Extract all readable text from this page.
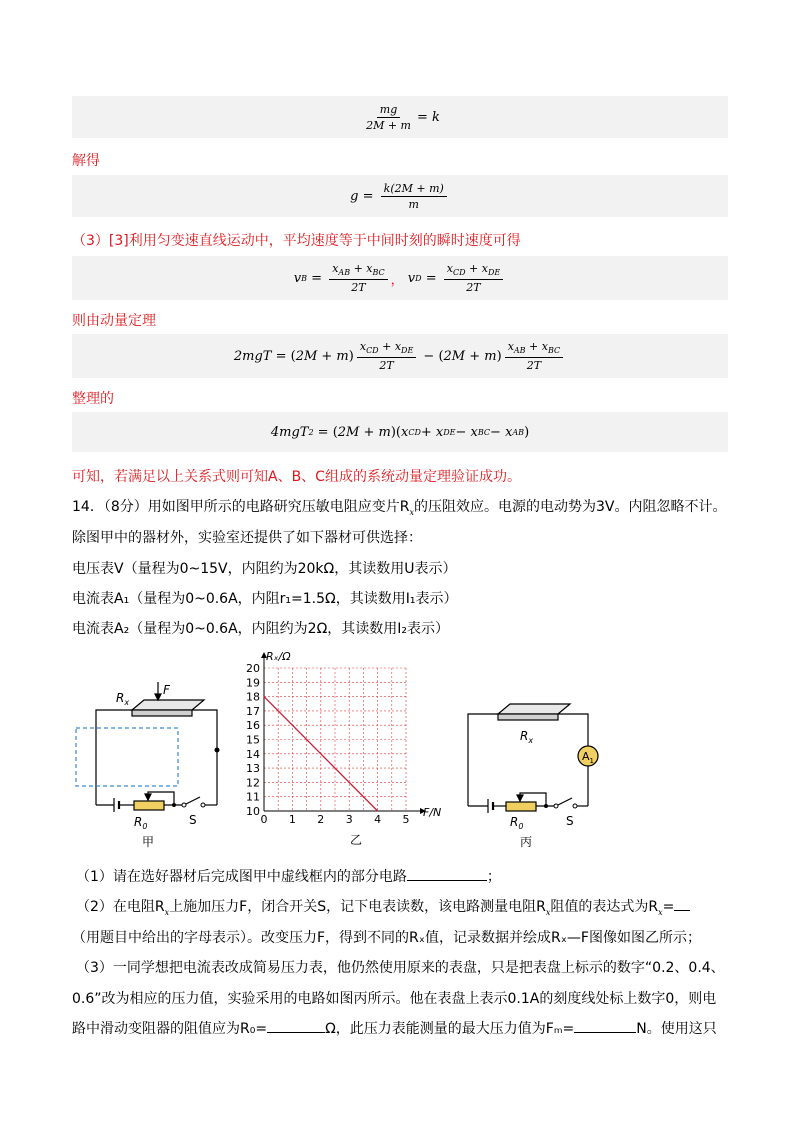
$\frac{mg}{2M + m} = k$
解得
$g = \frac{k(2M + m)}{m}$
（3）[3]利用匀变速直线运动中，平均速度等于中间时刻的瞬时速度可得
v $B = \frac{x_{AB} + x_{BC}}{2T}$ ， v $D = \frac{x_{CD} + x_{DE}}{2T}$
则由动量定理
2mgT = ( 2M + m ) $\frac{x_{CD} + x_{DE}}{2T}$ − ( 2M + m ) $\frac{x_{AB} + x_{BC}}{2T}$
整理的
4mgT 2 = ( 2M + m )( x CD + x DE − x BC − x AB )
可知，若满足以上关系式则可知A、B、C组成的系统动量定理验证成功。
14．（8分）用如图甲所示的电路研究压敏电阻应变片$R_x$的压阻效应。电源的电动势为3V。内阻忽略不计。
除图甲中的器材外，实验室还提供了如下器材可供选择：
电压表V（量程为0~15V，内阻约为20kΩ，其读数用U表示）
电流表A₁（量程为0~0.6A，内阻r₁=1.5Ω，其读数用I₁表示）
电流表A₂（量程为0~0.6A，内阻约为2Ω，其读数用I₂表示）
$R_x$
F
$R_0$	S
甲
0 1 2 3 4 5
10
11
12
13
14
15
16
17
18
19
20
F/N
Rₓ/Ω
乙
$R_x$
$A_1$
$R_0$	S
丙
（1）请在选好器材后完成图甲中虚线框内的部分电路	；
（2）在电阻$R_x$上施加压力F，闭合开关S，记下电表读数，该电路测量电阻$R_x$阻值的表达式为$R_x=$
（用题目中给出的字母表示）。改变压力F，得到不同的Rₓ值，记录数据并绘成Rₓ—F图像如图乙所示；
（3）一同学想把电流表改成简易压力表，他仍然使用原来的表盘，只是把表盘上标示的数字“0.2、0.4、
0.6”改为相应的压力值，实验采用的电路如图丙所示。他在表盘上表示0.1A的刻度线处标上数字0，则电
路中滑动变阻器的阻值应为R₀=	Ω，此压力表能测量的最大压力值为Fₘ=	N。使用这只
